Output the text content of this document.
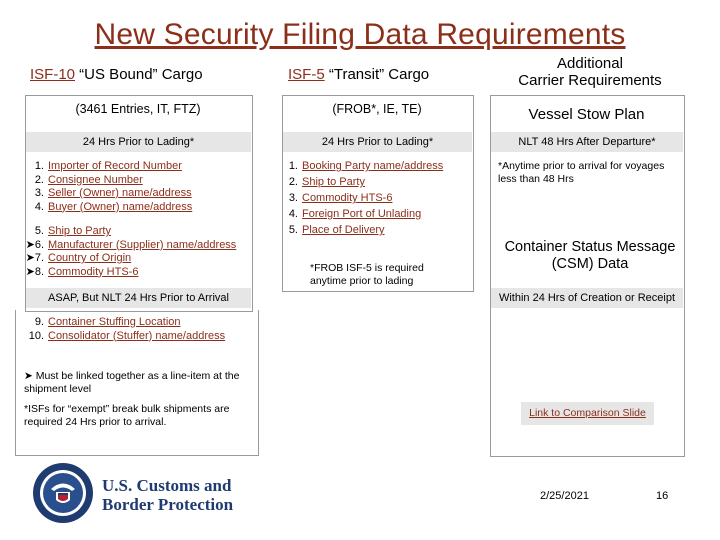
New Security Filing Data Requirements
ISF-10 “US Bound” Cargo	ISF-5 “Transit” Cargo
Additional
Carrier Requirements
(3461 Entries, IT, FTZ)
24 Hrs Prior to Lading*
1. Importer of Record Number
2. Consignee Number
3. Seller (Owner) name/address
4. Buyer (Owner) name/address
5. Ship to Party
➤6. Manufacturer (Supplier) name/address
➤7. Country of Origin
➤8. Commodity HTS-6
ASAP, But NLT 24 Hrs Prior to Arrival
9. Container Stuffing Location
10. Consolidator (Stuffer) name/address
➤ Must be linked together as a line-item at the shipment level
*ISFs for “exempt” break bulk shipments are required 24 Hrs prior to arrival.
(FROB*, IE, TE)
24 Hrs Prior to Lading*
1. Booking Party name/address
2. Ship to Party
3. Commodity HTS-6
4. Foreign Port of Unlading
5. Place of Delivery
*FROB ISF-5 is required anytime prior to lading
Vessel Stow Plan
NLT 48 Hrs After Departure*
*Anytime prior to arrival for voyages less than 48 Hrs
Container Status Message (CSM) Data
Within 24 Hrs of Creation or Receipt
Link to Comparison Slide
U.S. Customs and
Border Protection	2/25/2021	16
